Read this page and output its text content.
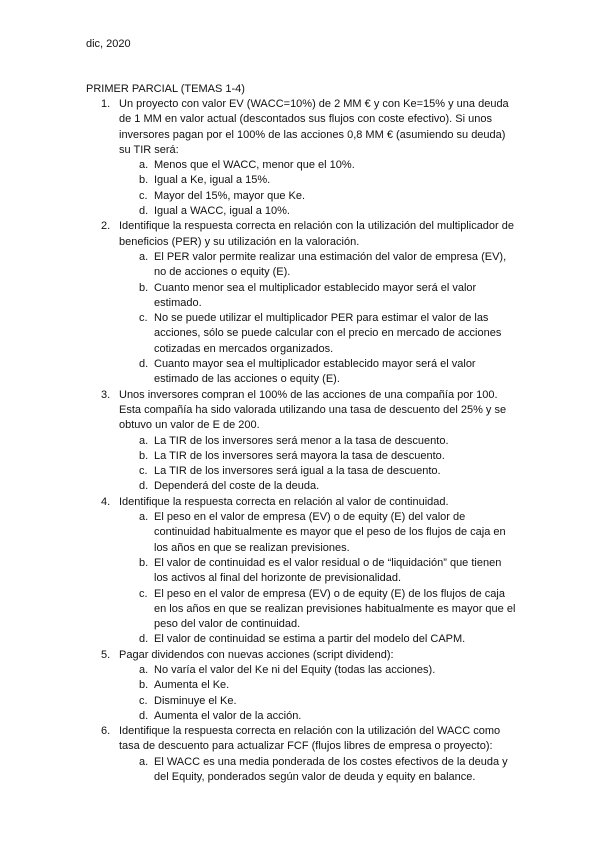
dic, 2020
PRIMER PARCIAL (TEMAS 1-4)
1. Un proyecto con valor EV (WACC=10%) de 2 MM € y con Ke=15% y una deuda de 1 MM en valor actual (descontados sus flujos con coste efectivo). Si unos inversores pagan por el 100% de las acciones 0,8 MM € (asumiendo su deuda) su TIR será:
a. Menos que el WACC, menor que el 10%.
b. Igual a Ke, igual a 15%.
c. Mayor del 15%, mayor que Ke.
d. Igual a WACC, igual a 10%.
2. Identifique la respuesta correcta en relación con la utilización del multiplicador de beneficios (PER) y su utilización en la valoración.
a. El PER valor permite realizar una estimación del valor de empresa (EV), no de acciones o equity (E).
b. Cuanto menor sea el multiplicador establecido mayor será el valor estimado.
c. No se puede utilizar el multiplicador PER para estimar el valor de las acciones, sólo se puede calcular con el precio en mercado de acciones cotizadas en mercados organizados.
d. Cuanto mayor sea el multiplicador establecido mayor será el valor estimado de las acciones o equity (E).
3. Unos inversores compran el 100% de las acciones de una compañía por 100. Esta compañía ha sido valorada utilizando una tasa de descuento del 25% y se obtuvo un valor de E de 200.
a. La TIR de los inversores será menor a la tasa de descuento.
b. La TIR de los inversores será mayora la tasa de descuento.
c. La TIR de los inversores será igual a la tasa de descuento.
d. Dependerá del coste de la deuda.
4. Identifique la respuesta correcta en relación al valor de continuidad.
a. El peso en el valor de empresa (EV) o de equity (E) del valor de continuidad habitualmente es mayor que el peso de los flujos de caja en los años en que se realizan previsiones.
b. El valor de continuidad es el valor residual o de “liquidación” que tienen los activos al final del horizonte de previsionalidad.
c. El peso en el valor de empresa (EV) o de equity (E) de los flujos de caja en los años en que se realizan previsiones habitualmente es mayor que el peso del valor de continuidad.
d. El valor de continuidad se estima a partir del modelo del CAPM.
5. Pagar dividendos con nuevas acciones (script dividend):
a. No varía el valor del Ke ni del Equity (todas las acciones).
b. Aumenta el Ke.
c. Disminuye el Ke.
d. Aumenta el valor de la acción.
6. Identifique la respuesta correcta en relación con la utilización del WACC como tasa de descuento para actualizar FCF (flujos libres de empresa o proyecto):
a. El WACC es una media ponderada de los costes efectivos de la deuda y del Equity, ponderados según valor de deuda y equity en balance.
